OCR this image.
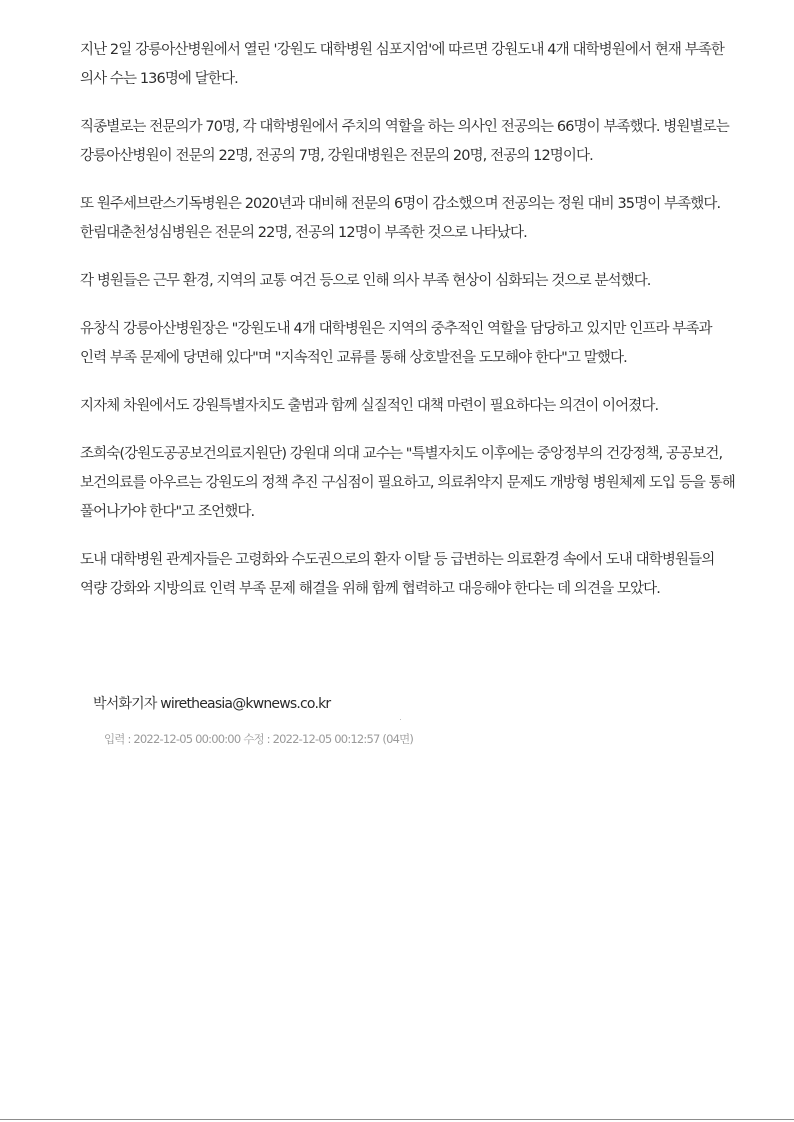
지난 2일 강릉아산병원에서 열린 '강원도 대학병원 심포지엄'에 따르면 강원도내 4개 대학병원에서 현재 부족한 의사 수는 136명에 달한다.

직종별로는 전문의가 70명, 각 대학병원에서 주치의 역할을 하는 의사인 전공의는 66명이 부족했다. 병원별로는 강릉아산병원이 전문의 22명, 전공의 7명, 강원대병원은 전문의 20명, 전공의 12명이다.

또 원주세브란스기독병원은 2020년과 대비해 전문의 6명이 감소했으며 전공의는 정원 대비 35명이 부족했다. 한림대춘천성심병원은 전문의 22명, 전공의 12명이 부족한 것으로 나타났다.

각 병원들은 근무 환경, 지역의 교통 여건 등으로 인해 의사 부족 현상이 심화되는 것으로 분석했다.

유창식 강릉아산병원장은 "강원도내 4개 대학병원은 지역의 중추적인 역할을 담당하고 있지만 인프라 부족과 인력 부족 문제에 당면해 있다"며 "지속적인 교류를 통해 상호발전을 도모해야 한다"고 말했다.

지자체 차원에서도 강원특별자치도 출범과 함께 실질적인 대책 마련이 필요하다는 의견이 이어졌다.

조희숙(강원도공공보건의료지원단) 강원대 의대 교수는 "특별자치도 이후에는 중앙정부의 건강정책, 공공보건, 보건의료를 아우르는 강원도의 정책 추진 구심점이 필요하고, 의료취약지 문제도 개방형 병원체제 도입 등을 통해 풀어나가야 한다"고 조언했다.

도내 대학병원 관계자들은 고령화와 수도권으로의 환자 이탈 등 급변하는 의료환경 속에서 도내 대학병원들의 역량 강화와 지방의료 인력 부족 문제 해결을 위해 함께 협력하고 대응해야 한다는 데 의견을 모았다.

박서화기자 wiretheasia@kwnews.co.kr
입력 : 2022-12-05 00:00:00 수정 : 2022-12-05 00:12:57 (04면)
